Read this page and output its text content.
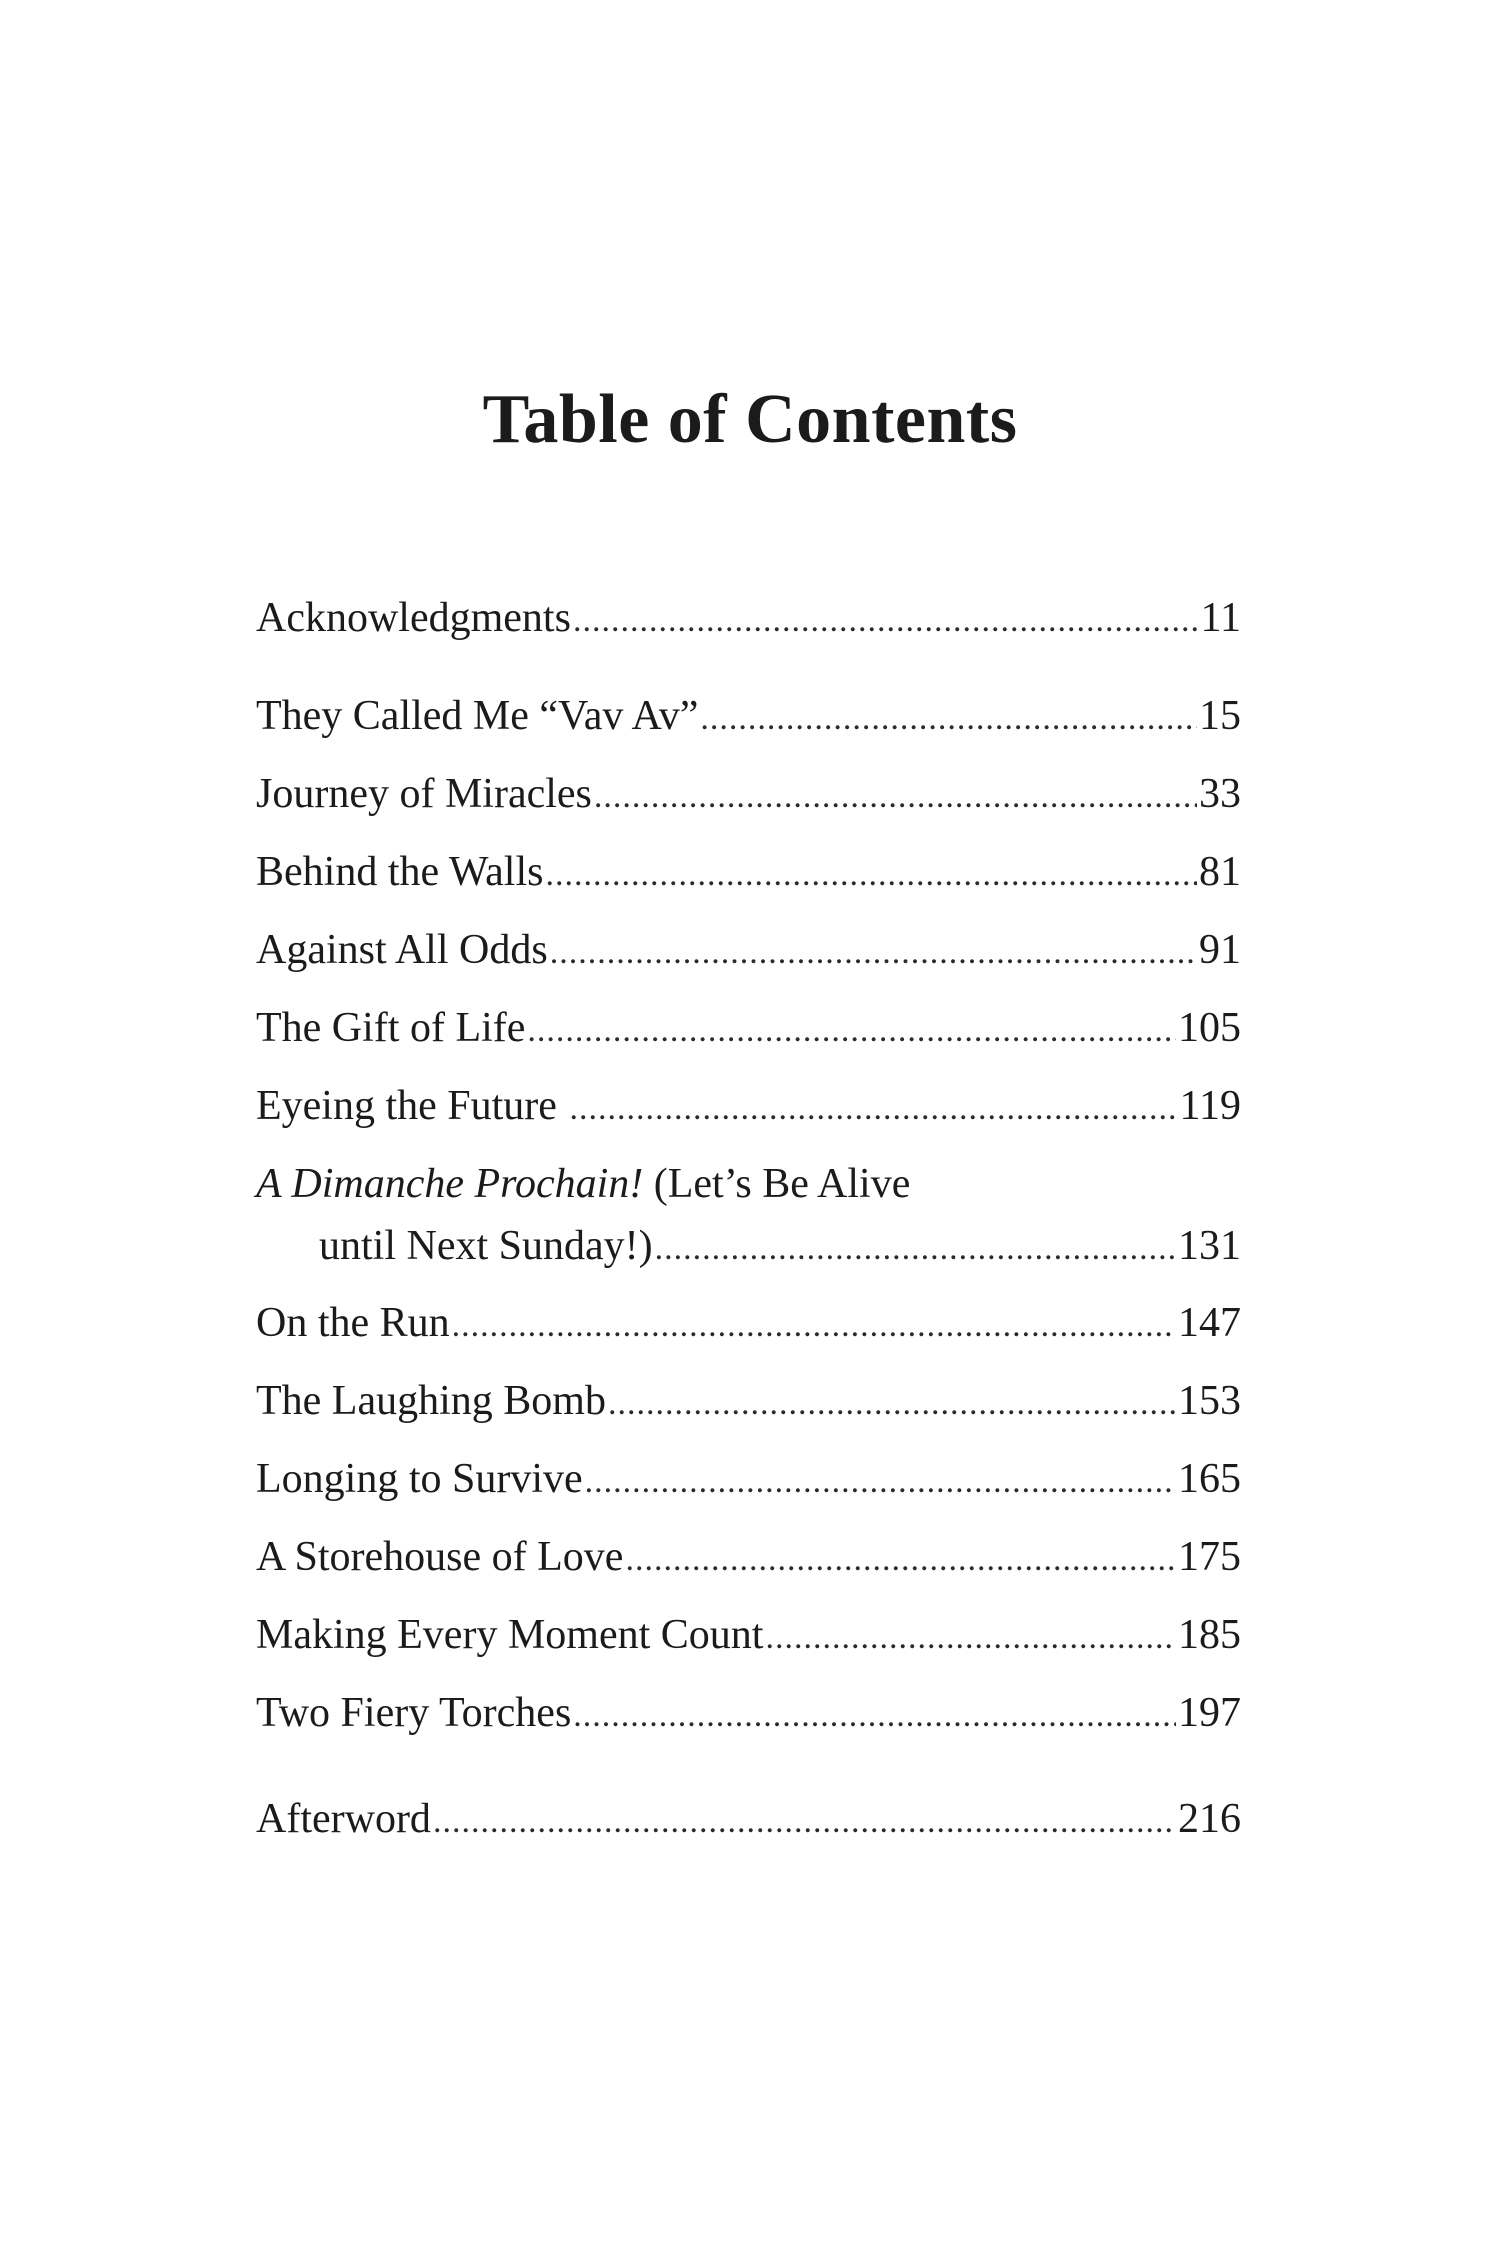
Table of Contents
Acknowledgments .....	11
They Called Me “Vav Av” .....	15
Journey of Miracles .....	33
Behind the Walls .....	81
Against All Odds .....	91
The Gift of Life .....	105
Eyeing the Future .....	119
A Dimanche Prochain! (Let’s Be Alive
until Next Sunday!) .....	131
On the Run .....	147
The Laughing Bomb .....	153
Longing to Survive .....	165
A Storehouse of Love .....	175
Making Every Moment Count .....	185
Two Fiery Torches .....	197
Afterword .....	216
